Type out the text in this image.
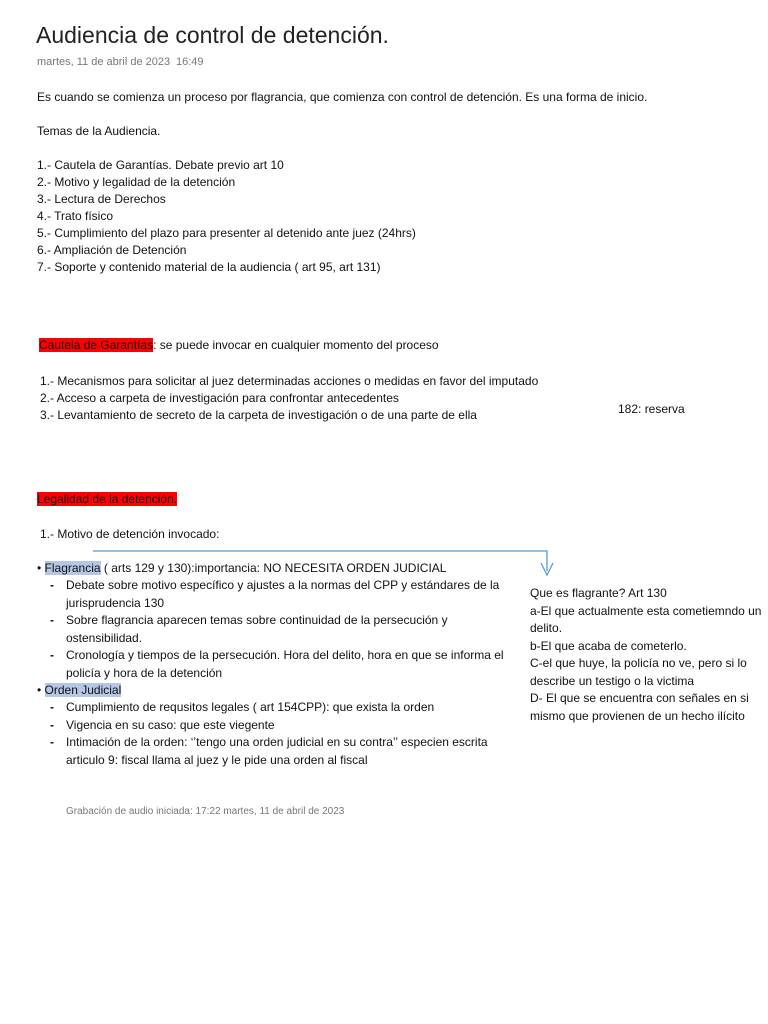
Audiencia de control de detención.
martes, 11 de abril de 2023 16:49
Es cuando se comienza un proceso por flagrancia, que comienza con control de detención. Es una forma de inicio.
Temas de la Audiencia.
1.- Cautela de Garantías. Debate previo art 10
2.- Motivo y legalidad de la detención
3.- Lectura de Derechos
4.- Trato físico
5.- Cumplimiento del plazo para presenter al detenido ante juez (24hrs)
6.- Ampliación de Detención
7.- Soporte y contenido material de la audiencia ( art 95, art 131)
Cautela de Garantías: se puede invocar en cualquier momento del proceso
1.- Mecanismos para solicitar al juez determinadas acciones o medidas en favor del imputado
2.- Acceso a carpeta de investigación para confrontar antecedentes
3.- Levantamiento de secreto de la carpeta de investigación o de una parte de ella	182: reserva
Legalidad de la detención.
1.- Motivo de detención invocado:
• Flagrancia ( arts 129 y 130):importancia: NO NECESITA ORDEN JUDICIAL
- Debate sobre motivo específico y ajustes a la normas del CPP y estándares de la jurisprudencia 130
- Sobre flagrancia aparecen temas sobre continuidad de la persecución y ostensibilidad.
- Cronología y tiempos de la persecución. Hora del delito, hora en que se informa el policía y hora de la detención
• Orden Judicial
- Cumplimiento de requsitos legales ( art 154CPP): que exista la orden
- Vigencia en su caso: que este viegente
- Intimación de la orden: ‘’tengo una orden judicial en su contra’’ especien escrita articulo 9: fiscal llama al juez y le pide una orden al fiscal
Que es flagrante? Art 130
a-El que actualmente esta cometiemndo un delito.
b-El que acaba de cometerlo.
C-el que huye, la policía no ve, pero si lo describe un testigo o la victima
D- El que se encuentra con señales en si mismo que provienen de un hecho ilícito
Grabación de audio iniciada: 17:22 martes, 11 de abril de 2023
